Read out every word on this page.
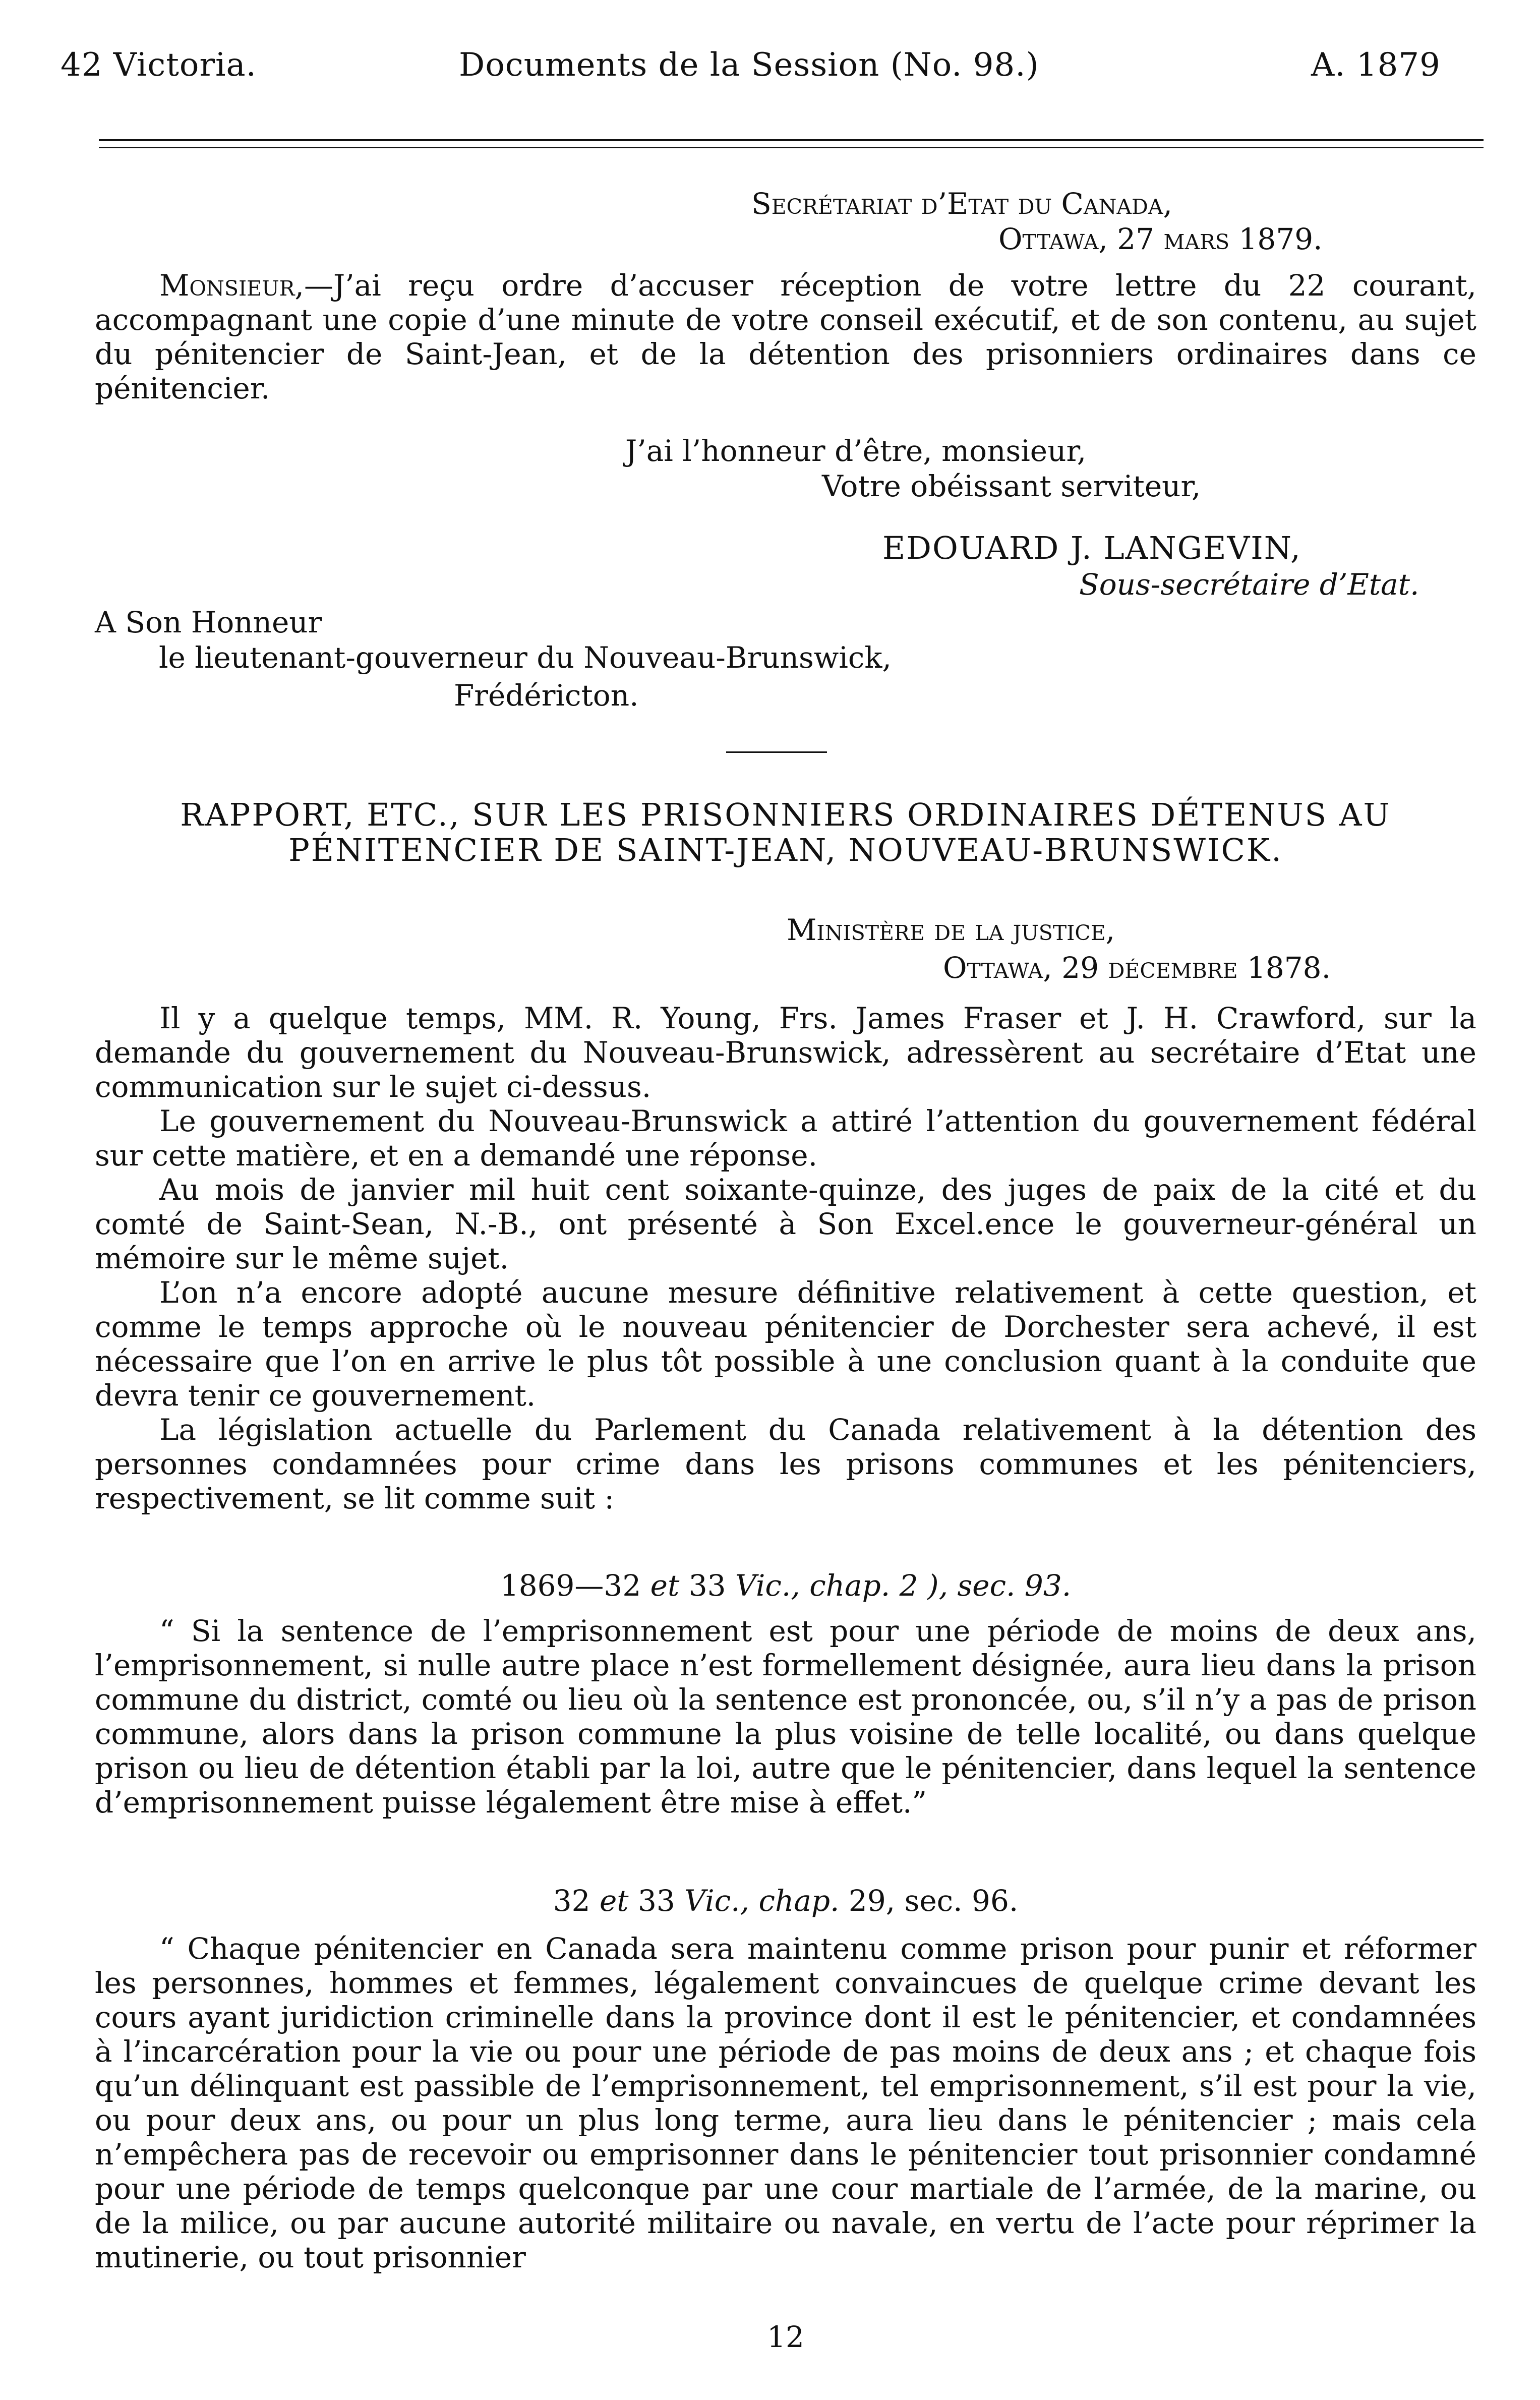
42 Victoria.	Documents de la Session (No. 98.)	A. 1879
Secrétariat d’Etat du Canada,
Ottawa, 27 mars 1879.

Monsieur,—J’ai reçu ordre d’accuser réception de votre lettre du 22 courant, accompagnant une copie d’une minute de votre conseil exécutif, et de son contenu, au sujet du pénitencier de Saint-Jean, et de la détention des prisonniers ordinaires dans ce pénitencier.

J’ai l’honneur d’être, monsieur,
Votre obéissant serviteur,
EDOUARD J. LANGEVIN,
Sous-secrétaire d’Etat.
A Son Honneur
le lieutenant-gouverneur du Nouveau-Brunswick,
Frédéricton.
RAPPORT, ETC., SUR LES PRISONNIERS ORDINAIRES DÉTENUS AU
PÉNITENCIER DE SAINT-JEAN, NOUVEAU-BRUNSWICK.
Ministère de la justice,
Ottawa, 29 décembre 1878.

Il y a quelque temps, MM. R. Young, Frs. James Fraser et J. H. Crawford, sur la demande du gouvernement du Nouveau-Brunswick, adressèrent au secrétaire d’Etat une communication sur le sujet ci-dessus.

Le gouvernement du Nouveau-Brunswick a attiré l’attention du gouvernement fédéral sur cette matière, et en a demandé une réponse.

Au mois de janvier mil huit cent soixante-quinze, des juges de paix de la cité et du comté de Saint-Sean, N.-B., ont présenté à Son Excel.ence le gouverneur-général un mémoire sur le même sujet.

L’on n’a encore adopté aucune mesure définitive relativement à cette question, et comme le temps approche où le nouveau pénitencier de Dorchester sera achevé, il est nécessaire que l’on en arrive le plus tôt possible à une conclusion quant à la conduite que devra tenir ce gouvernement.

La législation actuelle du Parlement du Canada relativement à la détention des personnes condamnées pour crime dans les prisons communes et les pénitenciers, respectivement, se lit comme suit :

1869—32 et 33 Vic., chap. 2 ), sec. 93.

“ Si la sentence de l’emprisonnement est pour une période de moins de deux ans, l’emprisonnement, si nulle autre place n’est formellement désignée, aura lieu dans la prison commune du district, comté ou lieu où la sentence est prononcée, ou, s’il n’y a pas de prison commune, alors dans la prison commune la plus voisine de telle localité, ou dans quelque prison ou lieu de détention établi par la loi, autre que le pénitencier, dans lequel la sentence d’emprisonnement puisse légalement être mise à effet.”

32 et 33 Vic., chap. 29, sec. 96.

“ Chaque pénitencier en Canada sera maintenu comme prison pour punir et réformer les personnes, hommes et femmes, légalement convaincues de quelque crime devant les cours ayant juridiction criminelle dans la province dont il est le pénitencier, et condamnées à l’incarcération pour la vie ou pour une période de pas moins de deux ans ; et chaque fois qu’un délinquant est passible de l’emprisonnement, tel emprisonnement, s’il est pour la vie, ou pour deux ans, ou pour un plus long terme, aura lieu dans le pénitencier ; mais cela n’empêchera pas de recevoir ou emprisonner dans le pénitencier tout prisonnier condamné pour une période de temps quelconque par une cour martiale de l’armée, de la marine, ou de la milice, ou par aucune autorité militaire ou navale, en vertu de l’acte pour réprimer la mutinerie, ou tout prisonnier

12
